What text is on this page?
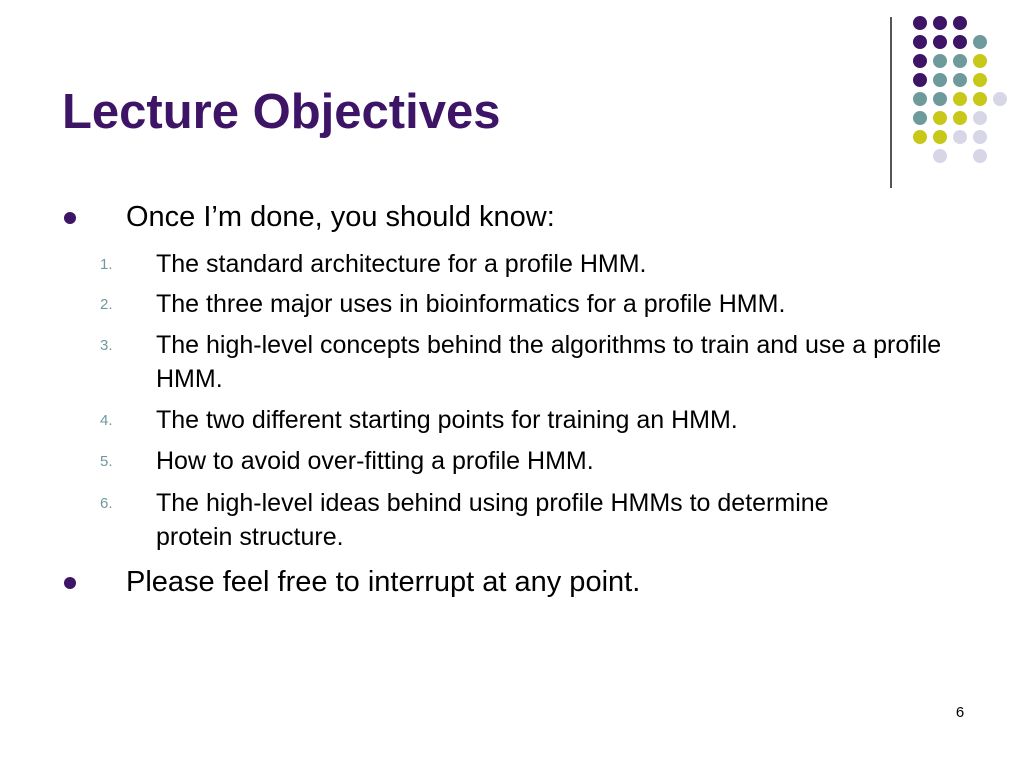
Lecture Objectives
Once I’m done, you should know:
1.	The standard architecture for a profile HMM.
2.	The three major uses in bioinformatics for a profile HMM.
3.	The high-level concepts behind the algorithms to train and use a profile HMM.
4.	The two different starting points for training an HMM.
5.	How to avoid over-fitting a profile HMM.
6.	The high-level ideas behind using profile HMMs to determine protein structure.
Please feel free to interrupt at any point.
6
